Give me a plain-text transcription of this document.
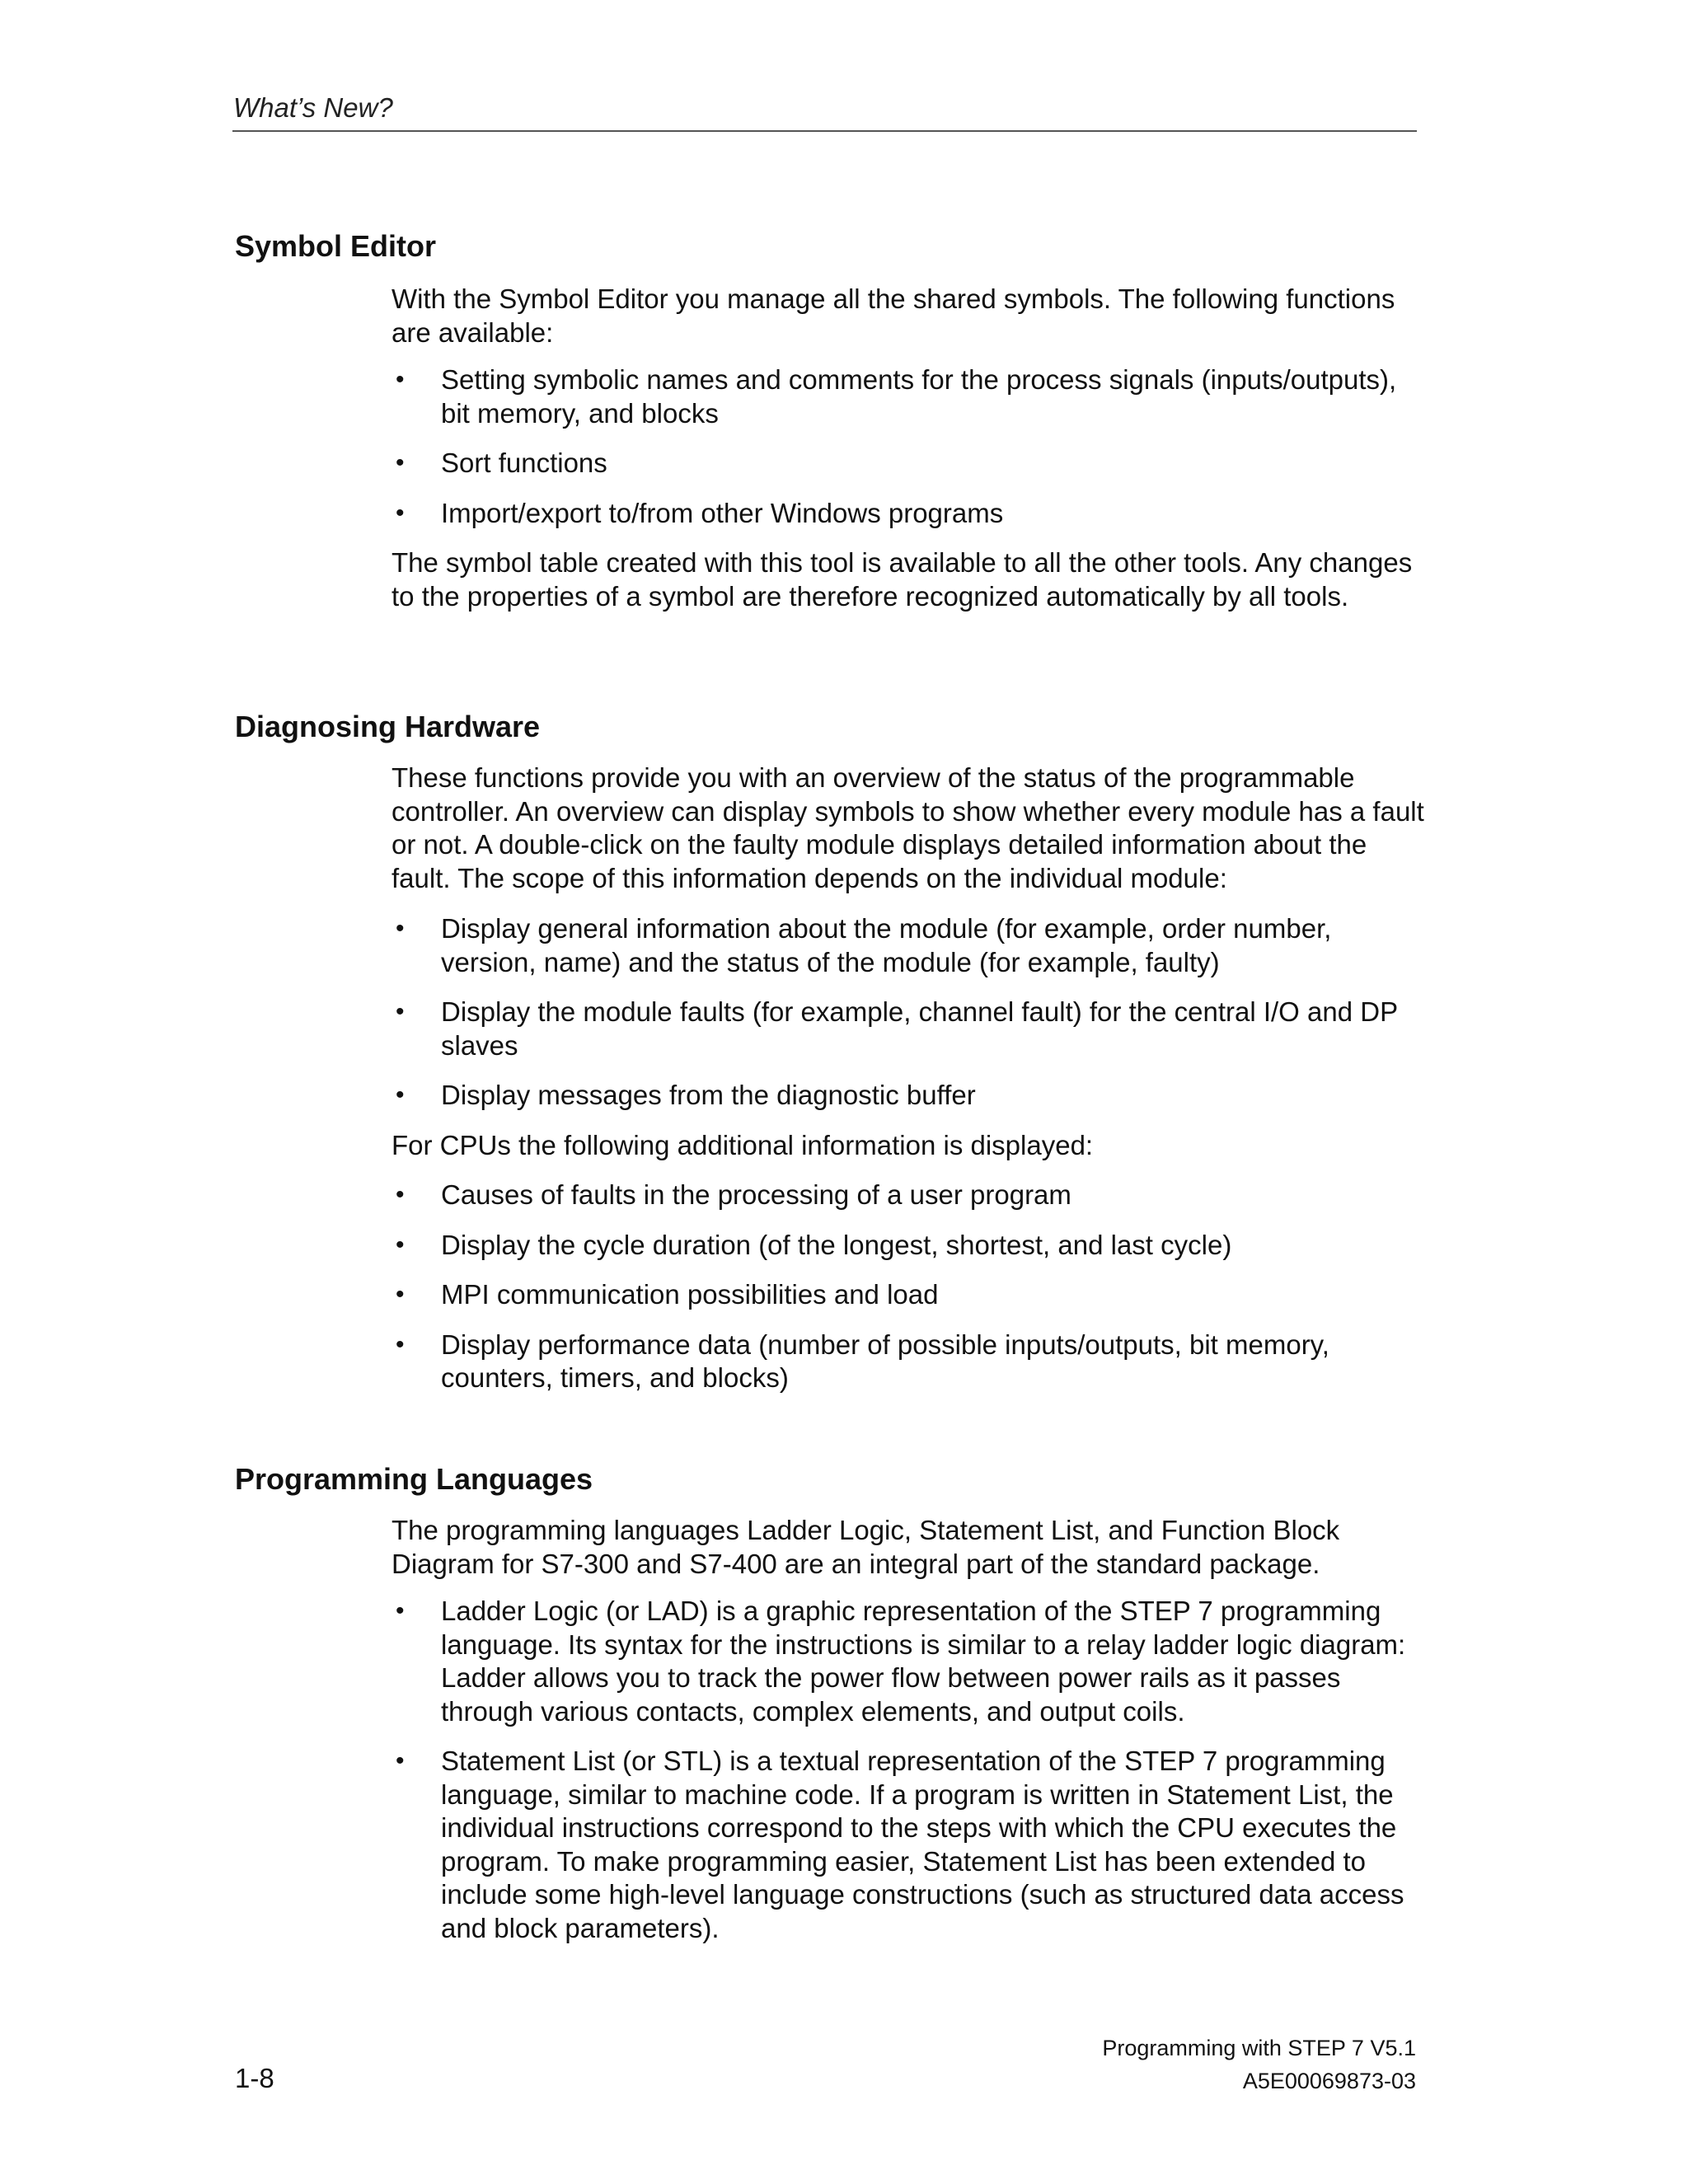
What’s New?
Symbol Editor

With the Symbol Editor you manage all the shared symbols. The following functions are available:

• Setting symbolic names and comments for the process signals (inputs/outputs), bit memory, and blocks
• Sort functions
• Import/export to/from other Windows programs

The symbol table created with this tool is available to all the other tools. Any changes to the properties of a symbol are therefore recognized automatically by all tools.

Diagnosing Hardware

These functions provide you with an overview of the status of the programmable controller. An overview can display symbols to show whether every module has a fault or not. A double-click on the faulty module displays detailed information about the fault. The scope of this information depends on the individual module:

• Display general information about the module (for example, order number, version, name) and the status of the module (for example, faulty)
• Display the module faults (for example, channel fault) for the central I/O and DP slaves
• Display messages from the diagnostic buffer

For CPUs the following additional information is displayed:

• Causes of faults in the processing of a user program
• Display the cycle duration (of the longest, shortest, and last cycle)
• MPI communication possibilities and load
• Display performance data (number of possible inputs/outputs, bit memory, counters, timers, and blocks)
Programming Languages

The programming languages Ladder Logic, Statement List, and Function Block Diagram for S7-300 and S7-400 are an integral part of the standard package.

• Ladder Logic (or LAD) is a graphic representation of the STEP 7 programming language. Its syntax for the instructions is similar to a relay ladder logic diagram: Ladder allows you to track the power flow between power rails as it passes through various contacts, complex elements, and output coils.
• Statement List (or STL) is a textual representation of the STEP 7 programming language, similar to machine code. If a program is written in Statement List, the individual instructions correspond to the steps with which the CPU executes the program. To make programming easier, Statement List has been extended to include some high-level language constructions (such as structured data access and block parameters).
Programming with STEP 7 V5.1
A5E00069873-03
1-8
